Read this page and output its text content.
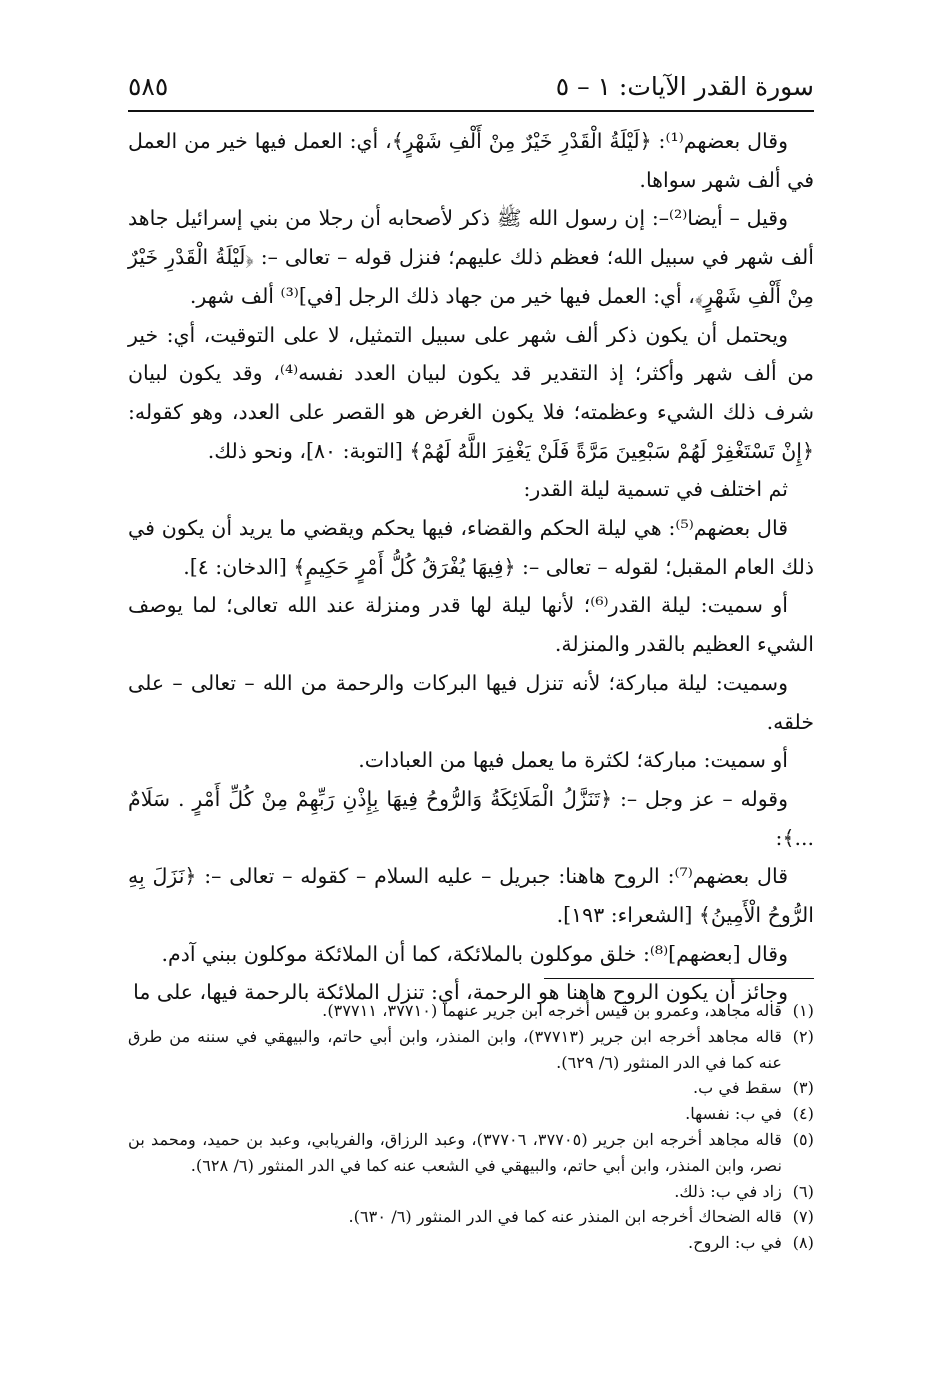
سورة القدر الآيات: ١ – ٥
٥٨٥

وقال بعضهم⁽¹⁾: ﴿لَيْلَةُ الْقَدْرِ خَيْرٌ مِنْ أَلْفِ شَهْرٍ﴾، أي: العمل فيها خير من العمل في ألف شهر سواها.

وقيل – أيضا⁽²⁾–: إن رسول الله ﷺ ذكر لأصحابه أن رجلا من بني إسرائيل جاهد ألف شهر في سبيل الله؛ فعظم ذلك عليهم؛ فنزل قوله – تعالى –: ﴿لَيْلَةُ الْقَدْرِ خَيْرٌ مِنْ أَلْفِ شَهْرٍ﴾، أي: العمل فيها خير من جهاد ذلك الرجل [في]⁽³⁾ ألف شهر.

ويحتمل أن يكون ذكر ألف شهر على سبيل التمثيل، لا على التوقيت، أي: خير من ألف شهر وأكثر؛ إذ التقدير قد يكون لبيان العدد نفسه⁽⁴⁾، وقد يكون لبيان شرف ذلك الشيء وعظمته؛ فلا يكون الغرض هو القصر على العدد، وهو كقوله: ﴿إِنْ تَسْتَغْفِرْ لَهُمْ سَبْعِينَ مَرَّةً فَلَنْ يَغْفِرَ اللَّهُ لَهُمْ﴾ [التوبة: ٨٠]، ونحو ذلك.

ثم اختلف في تسمية ليلة القدر:

قال بعضهم⁽⁵⁾: هي ليلة الحكم والقضاء، فيها يحكم ويقضي ما يريد أن يكون في ذلك العام المقبل؛ لقوله – تعالى –: ﴿فِيهَا يُفْرَقُ كُلُّ أَمْرٍ حَكِيمٍ﴾ [الدخان: ٤].

أو سميت: ليلة القدر⁽⁶⁾؛ لأنها ليلة لها قدر ومنزلة عند الله تعالى؛ لما يوصف الشيء العظيم بالقدر والمنزلة.

وسميت: ليلة مباركة؛ لأنه تنزل فيها البركات والرحمة من الله – تعالى – على خلقه.

أو سميت: مباركة؛ لكثرة ما يعمل فيها من العبادات.

وقوله – عز وجل –: ﴿تَنَزَّلُ الْمَلَائِكَةُ وَالرُّوحُ فِيهَا بِإِذْنِ رَبِّهِمْ مِنْ كُلِّ أَمْرٍ . سَلَامٌ ...﴾:

قال بعضهم⁽⁷⁾: الروح هاهنا: جبريل – عليه السلام – كقوله – تعالى –: ﴿نَزَلَ بِهِ الرُّوحُ الْأَمِينُ﴾ [الشعراء: ١٩٣].

وقال [بعضهم]⁽⁸⁾: خلق موكلون بالملائكة، كما أن الملائكة موكلون ببني آدم.

وجائز أن يكون الروح هاهنا هو الرحمة، أي: تنزل الملائكة بالرحمة فيها، على ما

(١)
قاله مجاهد، وعمرو بن قيس أخرجه ابن جرير عنهما (٣٧٧١٠، ٣٧٧١١).
(٢)
قاله مجاهد أخرجه ابن جرير (٣٧٧١٣)، وابن المنذر، وابن أبي حاتم، والبيهقي في سننه من طرق عنه كما في الدر المنثور (٦/ ٦٢٩).
(٣)
سقط في ب.
(٤)
في ب: نفسها.
(٥)
قاله مجاهد أخرجه ابن جرير (٣٧٧٠٥، ٣٧٧٠٦)، وعبد الرزاق، والفريابي، وعبد بن حميد، ومحمد بن نصر، وابن المنذر، وابن أبي حاتم، والبيهقي في الشعب عنه كما في الدر المنثور (٦/ ٦٢٨).
(٦)
زاد في ب: ذلك.
(٧)
قاله الضحاك أخرجه ابن المنذر عنه كما في الدر المنثور (٦/ ٦٣٠).
(٨)
في ب: الروح.
